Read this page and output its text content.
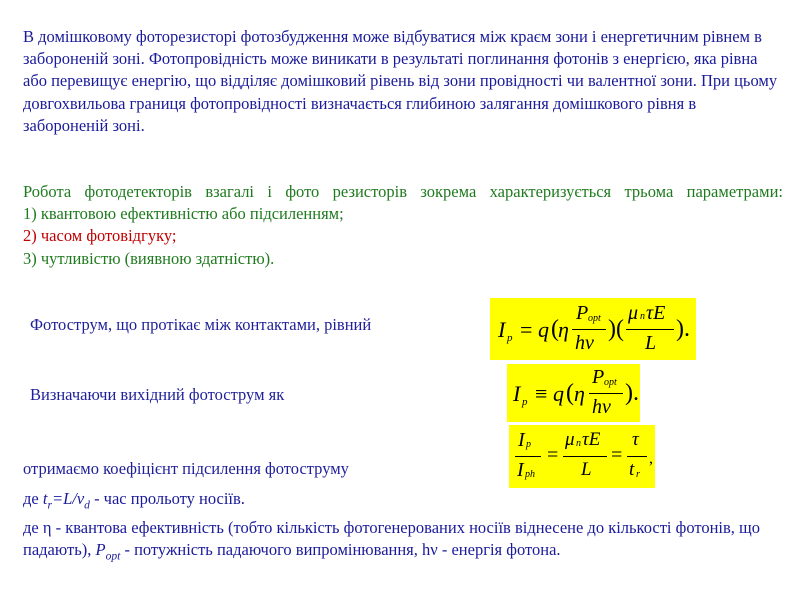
В домішковому фоторезисторі фотозбудження може відбуватися між краєм зони і енергетичним рівнем в забороненій зоні. Фотопровідність може виникати в результаті поглинання фотонів з енергією, яка рівна або перевищує енергію, що відділяє домішковий рівень від зони провідності чи валентної зони. При цьому довгохвильова границя фотопровідності визначається глибиною залягання домішкового рівня в забороненій зоні.
Робота фотодетекторів взагалі і фото резисторів зокрема характеризується трьома параметрами:
1) квантовою ефективністю або підсиленням;
2) часом фотовідгуку;
3) чутливістю (виявною здатністю).
Фотострум, що протікає між контактами, рівний
Визначаючи вихідний фотострум як
отримаємо коефіцієнт підсилення фотоструму
I p = q ( η
P opt
hν
)(
μ n τE
L
).
I p ≡ q ( η
P opt
hν
).
I p
I ph
=
μ n τE
L
=
τ
t r
,
де $t_r=L/v_d$ - час прольоту носіїв.
де η - квантова ефективність (тобто кількість фотогенерованих носіїв віднесене до кількості фотонів, що падають), $P_{opt}$ - потужність падаючого випромінювання, hν - енергія фотона.
